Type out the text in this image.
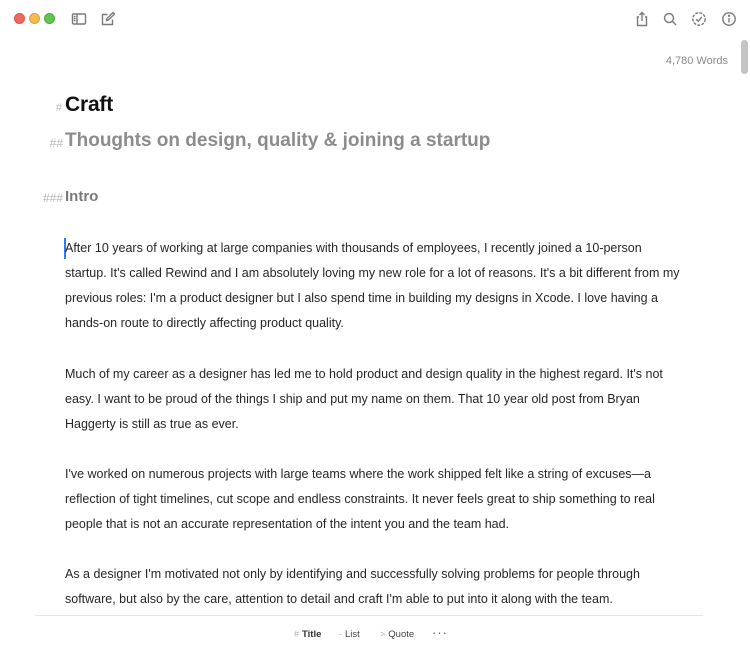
4,780 Words
# Craft
## Thoughts on design, quality & joining a startup
### Intro

After 10 years of working at large companies with thousands of employees, I recently joined a 10-person startup. It's called Rewind and I am absolutely loving my new role for a lot of reasons. It's a bit different from my previous roles: I'm a product designer but I also spend time in building my designs in Xcode. I love having a hands-on route to directly affecting product quality.

Much of my career as a designer has led me to hold product and design quality in the highest regard. It's not easy. I want to be proud of the things I ship and put my name on them. That 10 year old post from Bryan Haggerty is still as true as ever.

I've worked on numerous projects with large teams where the work shipped felt like a string of excuses—a reflection of tight timelines, cut scope and endless constraints. It never feels great to ship something to real people that is not an accurate representation of the intent you and the team had.

As a designer I'm motivated not only by identifying and successfully solving problems for people through software, but also by the care, attention to detail and craft I'm able to put into it along with the team.

# Title - List > Quote ···
